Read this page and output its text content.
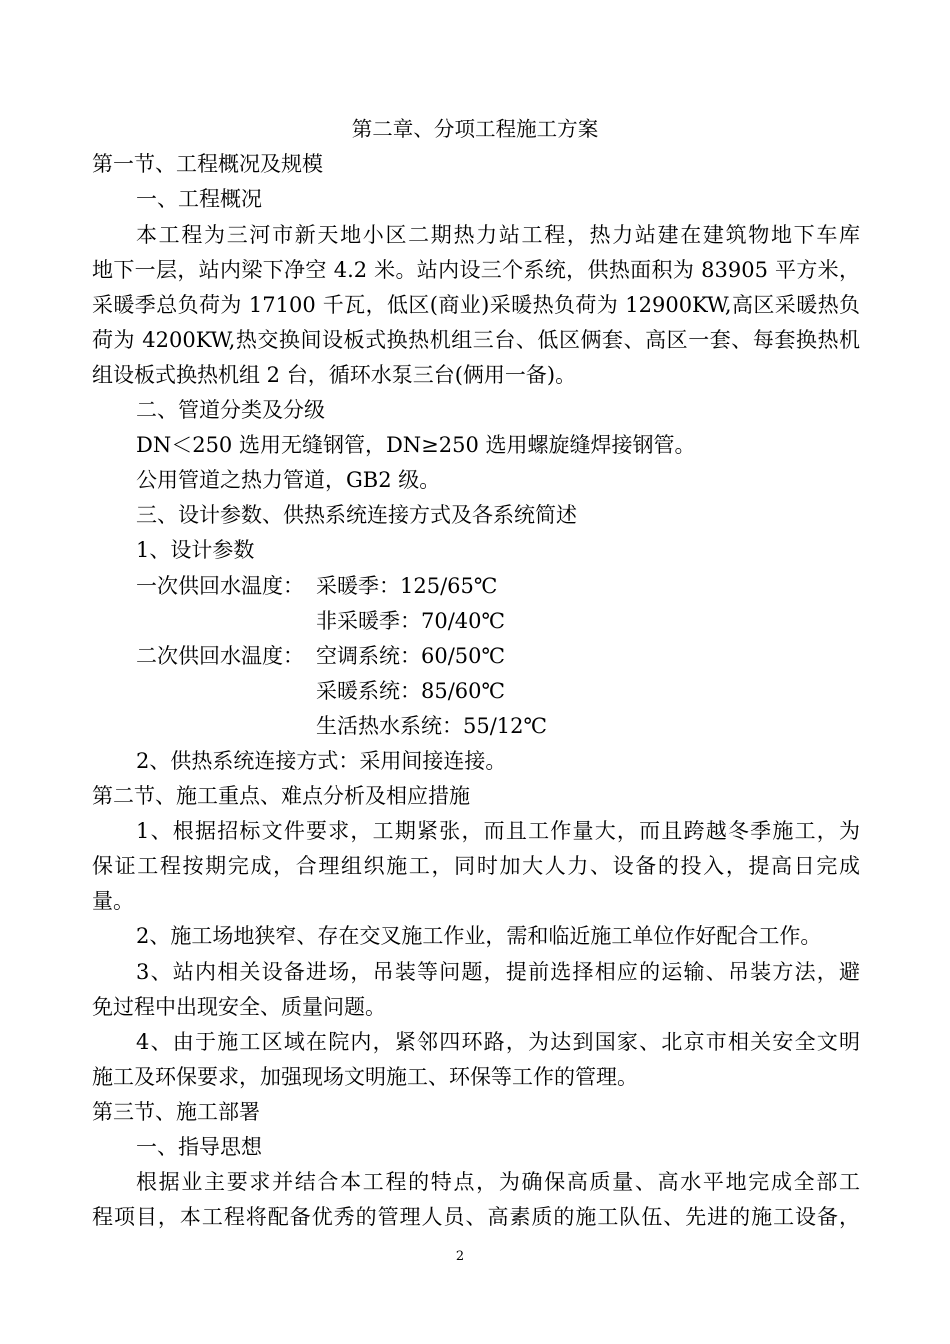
第二章、分项工程施工方案
第一节、工程概况及规模
一、工程概况
本工程为三河市新天地小区二期热力站工程，热力站建在建筑物地下车库
地下一层，站内梁下净空 4.2 米。站内设三个系统，供热面积为 83905 平方米，
采暖季总负荷为 17100 千瓦，低区(商业)采暖热负荷为 12900KW,高区采暖热负
荷为 4200KW,热交换间设板式换热机组三台、低区俩套、高区一套、每套换热机
组设板式换热机组 2 台，循环水泵三台(俩用一备)。
二、管道分类及分级
DN＜250 选用无缝钢管，DN≥250 选用螺旋缝焊接钢管。
公用管道之热力管道，GB2 级。
三、设计参数、供热系统连接方式及各系统简述
1、设计参数
一次供回水温度： 采暖季：125/65℃
非采暖季：70/40℃
二次供回水温度： 空调系统：60/50℃
采暖系统：85/60℃
生活热水系统：55/12℃
2、供热系统连接方式：采用间接连接。
第二节、施工重点、难点分析及相应措施
1、根据招标文件要求，工期紧张，而且工作量大，而且跨越冬季施工，为
保证工程按期完成，合理组织施工，同时加大人力、设备的投入，提高日完成
量。
2、施工场地狭窄、存在交叉施工作业，需和临近施工单位作好配合工作。
3、站内相关设备进场，吊装等问题，提前选择相应的运输、吊装方法，避
免过程中出现安全、质量问题。
4、由于施工区域在院内，紧邻四环路，为达到国家、北京市相关安全文明
施工及环保要求，加强现场文明施工、环保等工作的管理。
第三节、施工部署
一、指导思想
根据业主要求并结合本工程的特点，为确保高质量、高水平地完成全部工
程项目，本工程将配备优秀的管理人员、高素质的施工队伍、先进的施工设备，
2
